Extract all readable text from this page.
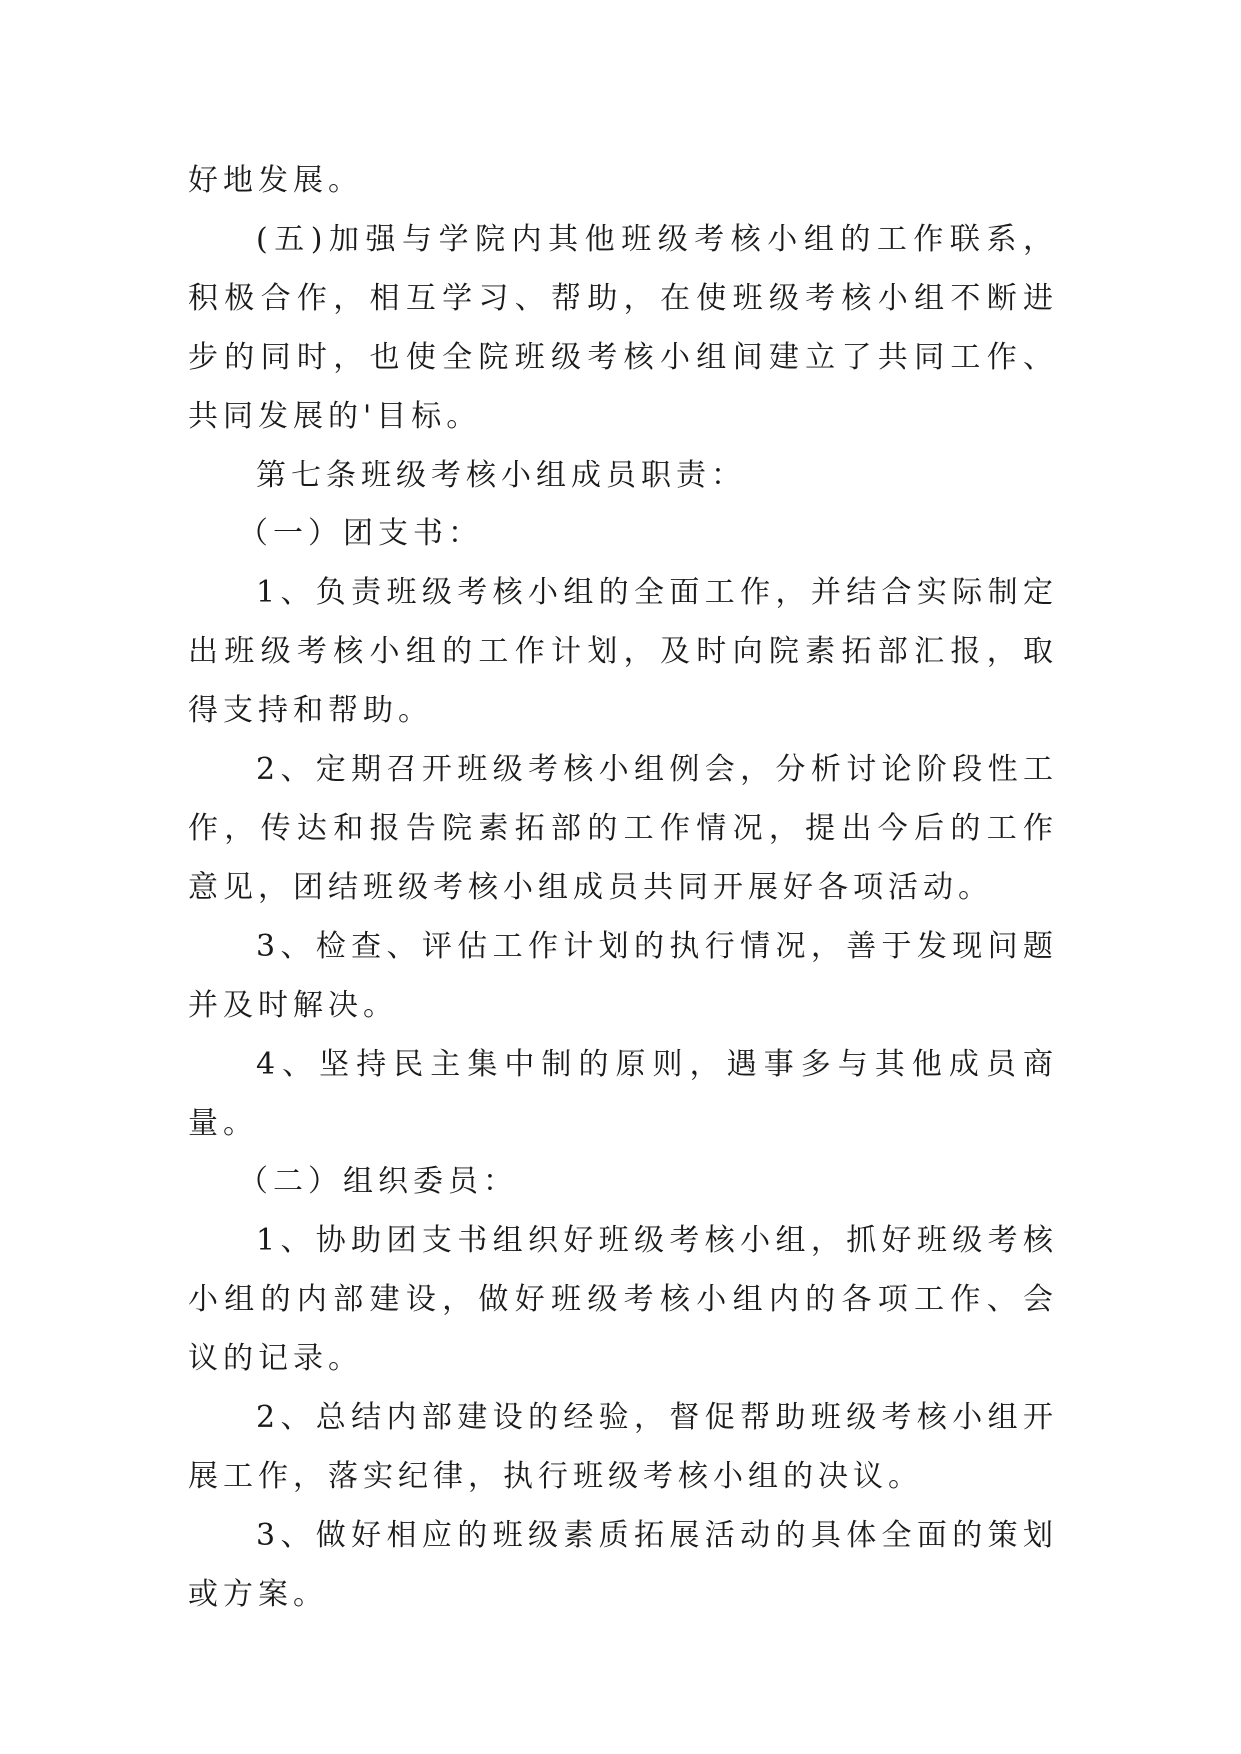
好地发展。

(五)加强与学院内其他班级考核小组的工作联系，积极合作，相互学习、帮助，在使班级考核小组不断进步的同时，也使全院班级考核小组间建立了共同工作、共同发展的'目标。

第七条班级考核小组成员职责：

（一）团支书：

1、负责班级考核小组的全面工作，并结合实际制定出班级考核小组的工作计划，及时向院素拓部汇报，取得支持和帮助。

2、定期召开班级考核小组例会，分析讨论阶段性工作，传达和报告院素拓部的工作情况，提出今后的工作意见，团结班级考核小组成员共同开展好各项活动。

3、检查、评估工作计划的执行情况，善于发现问题并及时解决。

4、坚持民主集中制的原则，遇事多与其他成员商量。

（二）组织委员：

1、协助团支书组织好班级考核小组，抓好班级考核小组的内部建设，做好班级考核小组内的各项工作、会议的记录。

2、总结内部建设的经验，督促帮助班级考核小组开展工作，落实纪律，执行班级考核小组的决议。

3、做好相应的班级素质拓展活动的具体全面的策划或方案。
